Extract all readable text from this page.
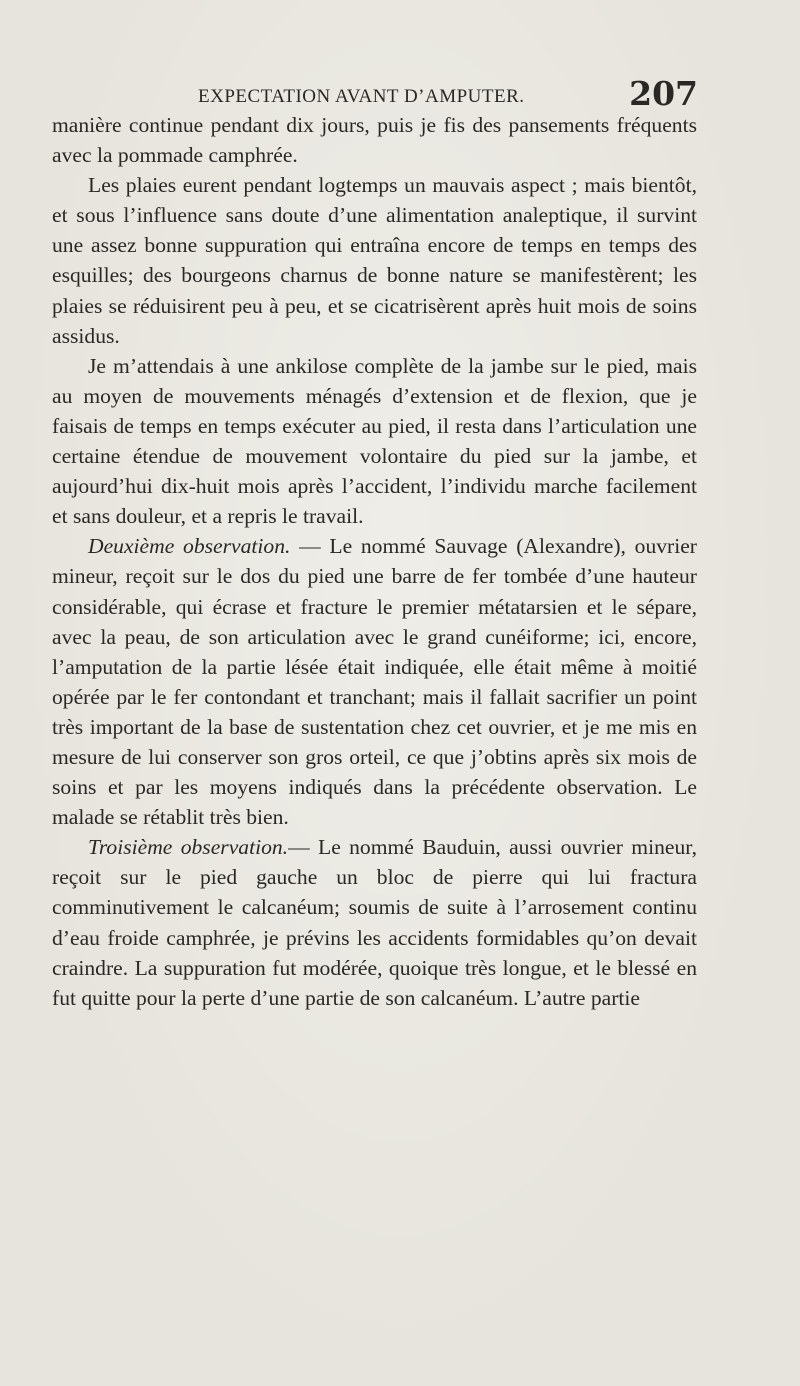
EXPECTATION AVANT D’AMPUTER.	207

manière continue pendant dix jours, puis je fis des pansements fréquents avec la pommade camphrée.

Les plaies eurent pendant logtemps un mauvais aspect ; mais bientôt, et sous l’influence sans doute d’une alimentation analeptique, il survint une assez bonne suppuration qui entraîna encore de temps en temps des esquilles; des bourgeons charnus de bonne nature se manifestèrent; les plaies se réduisirent peu à peu, et se cicatrisèrent après huit mois de soins assidus.

Je m’attendais à une ankilose complète de la jambe sur le pied, mais au moyen de mouvements ménagés d’extension et de flexion, que je faisais de temps en temps exécuter au pied, il resta dans l’articulation une certaine étendue de mouvement volontaire du pied sur la jambe, et aujourd’hui dix-huit mois après l’accident, l’individu marche facilement et sans douleur, et a repris le travail.

Deuxième observation. — Le nommé Sauvage (Alexandre), ouvrier mineur, reçoit sur le dos du pied une barre de fer tombée d’une hauteur considérable, qui écrase et fracture le premier métatarsien et le sépare, avec la peau, de son articulation avec le grand cunéiforme; ici, encore, l’amputation de la partie lésée était indiquée, elle était même à moitié opérée par le fer contondant et tranchant; mais il fallait sacrifier un point très important de la base de sustentation chez cet ouvrier, et je me mis en mesure de lui conserver son gros orteil, ce que j’obtins après six mois de soins et par les moyens indiqués dans la précédente observation. Le malade se rétablit très bien.

Troisième observation.— Le nommé Bauduin, aussi ouvrier mineur, reçoit sur le pied gauche un bloc de pierre qui lui fractura comminutivement le calcanéum; soumis de suite à l’arrosement continu d’eau froide camphrée, je prévins les accidents formidables qu’on devait craindre. La suppuration fut modérée, quoique très longue, et le blessé en fut quitte pour la perte d’une partie de son calcanéum. L’autre partie
